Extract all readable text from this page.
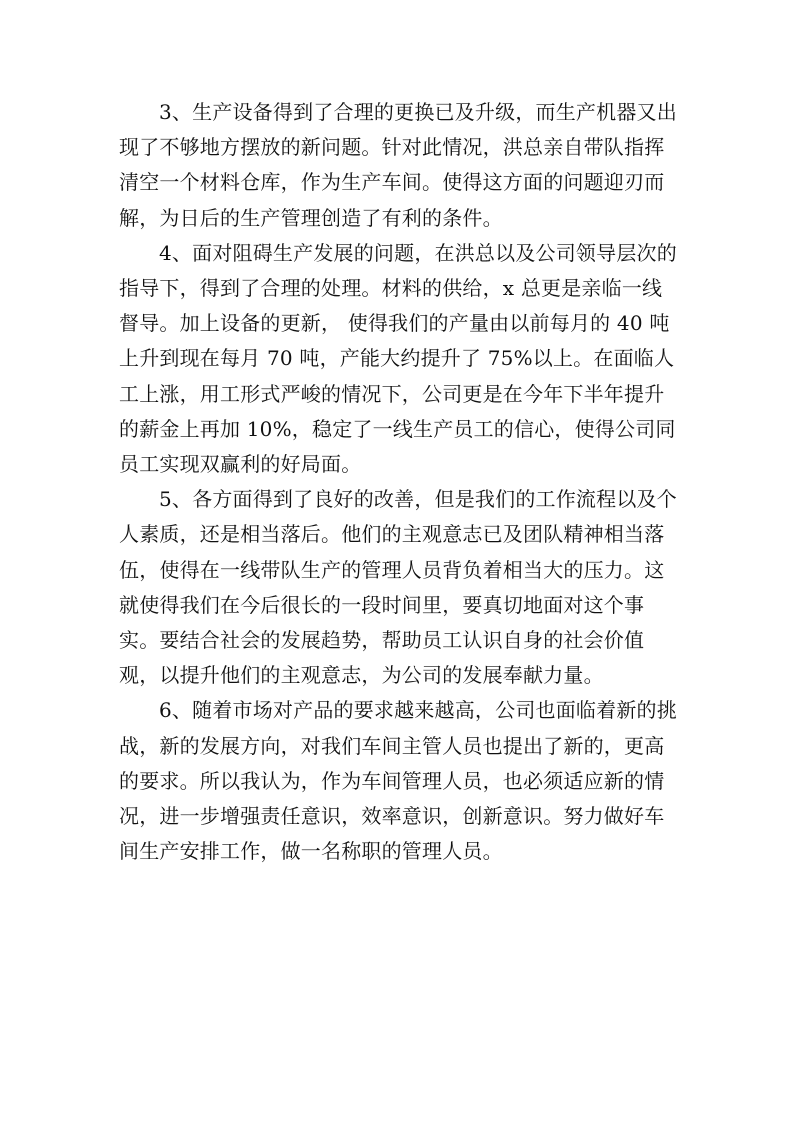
3、生产设备得到了合理的更换已及升级，而生产机器又出现了不够地方摆放的新问题。针对此情况，洪总亲自带队指挥清空一个材料仓库，作为生产车间。使得这方面的问题迎刃而解，为日后的生产管理创造了有利的条件。

4、面对阻碍生产发展的问题，在洪总以及公司领导层次的指导下，得到了合理的处理。材料的供给，x 总更是亲临一线督导。加上设备的更新， 使得我们的产量由以前每月的 40 吨上升到现在每月 70 吨，产能大约提升了 75%以上。在面临人工上涨，用工形式严峻的情况下，公司更是在今年下半年提升的薪金上再加 10%，稳定了一线生产员工的信心，使得公司同员工实现双赢利的好局面。

5、各方面得到了良好的改善，但是我们的工作流程以及个人素质，还是相当落后。他们的主观意志已及团队精神相当落伍，使得在一线带队生产的管理人员背负着相当大的压力。这就使得我们在今后很长的一段时间里，要真切地面对这个事实。要结合社会的发展趋势，帮助员工认识自身的社会价值观，以提升他们的主观意志，为公司的发展奉献力量。

6、随着市场对产品的要求越来越高，公司也面临着新的挑战，新的发展方向，对我们车间主管人员也提出了新的，更高的要求。所以我认为，作为车间管理人员，也必须适应新的情况，进一步增强责任意识，效率意识，创新意识。努力做好车间生产安排工作，做一名称职的管理人员。
